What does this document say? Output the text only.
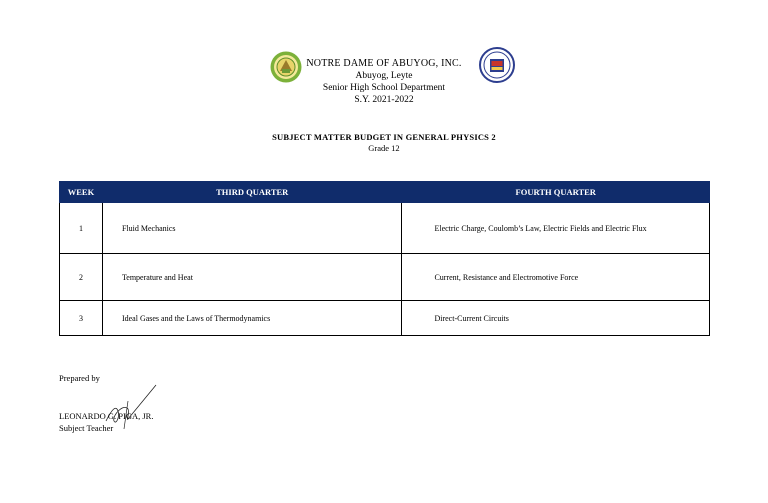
NOTRE DAME OF ABUYOG, INC.
Abuyog, Leyte
Senior High School Department
S.Y. 2021-2022
SUBJECT MATTER BUDGET IN GENERAL PHYSICS 2
Grade 12
WEEK	THIRD QUARTER	FOURTH QUARTER
1	Fluid Mechanics	Electric Charge, Coulomb’s Law, Electric Fields and Electric Flux
2	Temperature and Heat	Current, Resistance and Electromotive Force
3	Ideal Gases and the Laws of Thermodynamics	Direct-Current Circuits
Prepared by
LEONARDO G. PIGA, JR.
Subject Teacher
